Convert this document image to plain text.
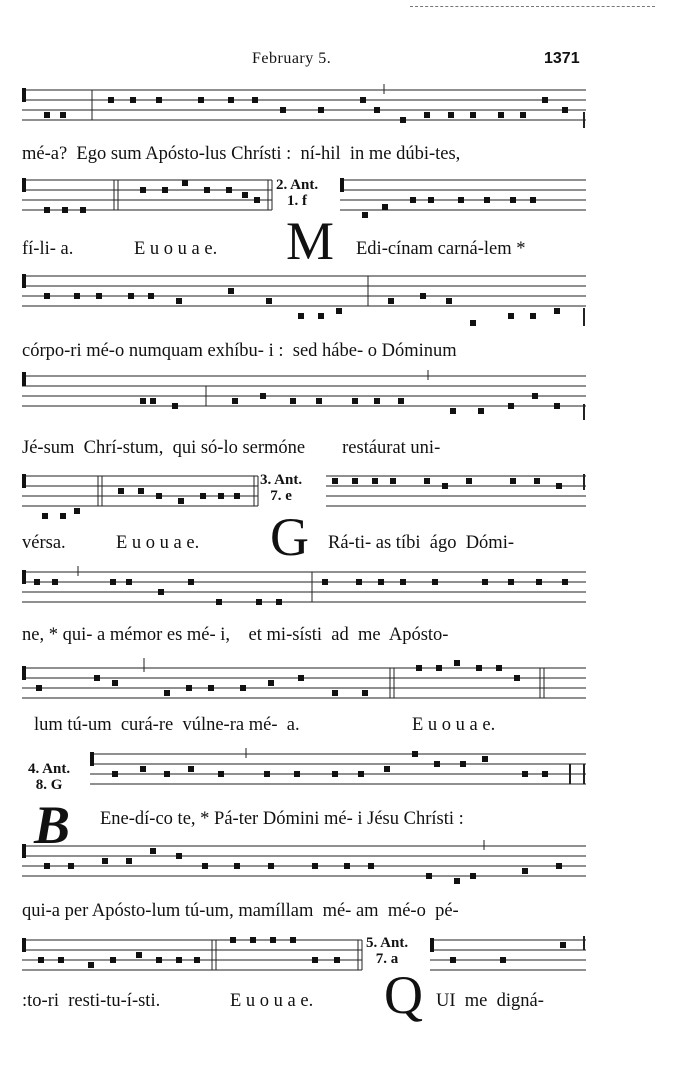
February 5.	1371
mé-a?  Ego sum Apósto-lus Chrísti :  ní-hil  in me dúbi-tes,
fí-li- a.	E u o u a e.
2. Ant.
1. f
M Edi-cínam carná-lem *
córpo-ri mé-o numquam exhíbu- i :  sed hábe- o Dóminum
Jé-sum  Chrí-stum,  qui só-lo sermóne        restáurat uni-
vérsa.	E u o u a e.
3. Ant.
7. e
G Rá-ti- as tíbi  ágo  Dómi-
ne, * qui- a mémor es mé- i,    et mi-sísti  ad  me  Apósto-
lum tú-um  curá-re  vúlne-ra mé-  a.	E u o u a e.
4. Ant.
8. G
B Ene-dí-co te, * Pá-ter Dómini mé- i Jésu Chrísti :
qui-a per Apósto-lum tú-um, mamíllam  mé- am  mé-o  pé-
:to-ri  resti-tu-í-sti.	E u o u a e.
5. Ant.
7. a
Q UI  me  digná-
